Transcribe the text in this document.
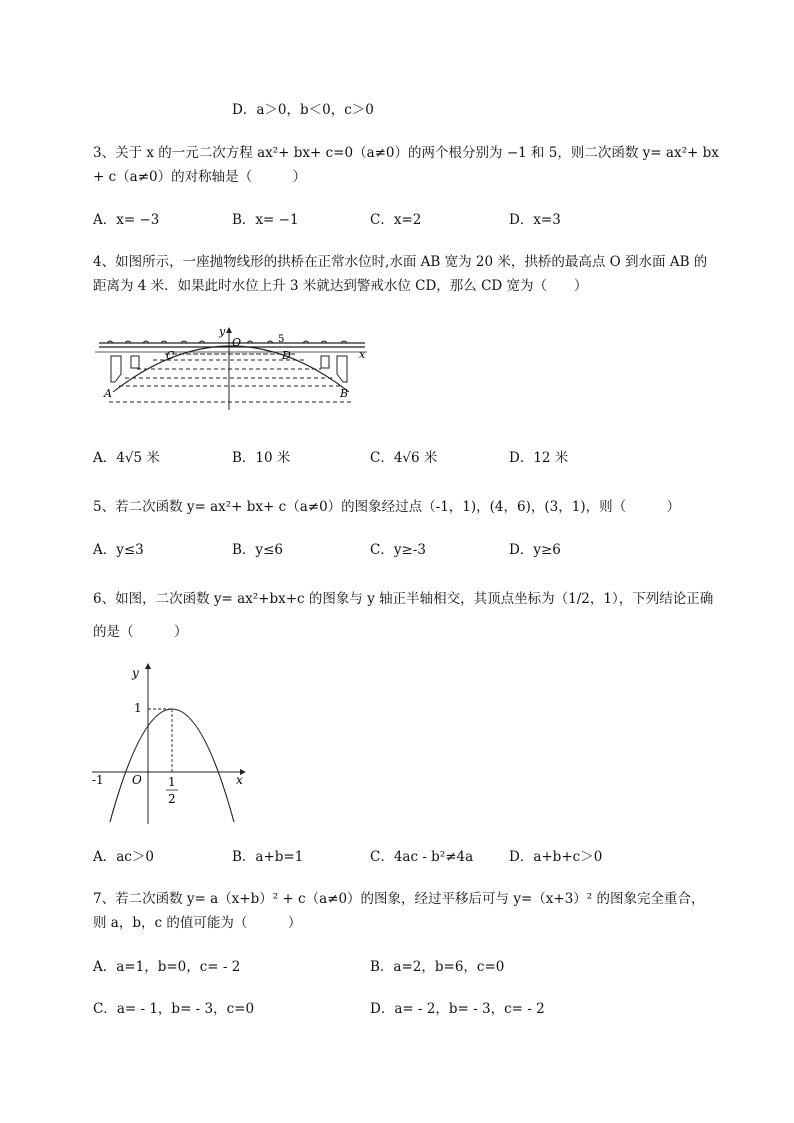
D．a＞0，b＜0，c＞0
3、关于 x 的一元二次方程 ax²+ bx+ c=0（a≠0）的两个根分别为 −1 和 5，则二次函数 y= ax²+ bx
+ c（a≠0）的对称轴是（　　　）
A．x= −3	B．x= −1	C．x=2	D．x=3
4、如图所示，一座抛物线形的拱桥在正常水位时,水面 AB 宽为 20 米，拱桥的最高点 O 到水面 AB 的
距离为 4 米．如果此时水位上升 3 米就达到警戒水位 CD，那么 CD 宽为（　　）
y
O	5
C	D	x
A	B
A．4√5 米	B．10 米	C．4√6 米	D．12 米
5、若二次函数 y= ax²+ bx+ c（a≠0）的图象经过点（-1，1)，(4，6)，(3，1)，则（　　　）
A．y≤3	B．y≤6	C．y≥-3	D．y≥6
6、如图，二次函数 y= ax²+bx+c 的图象与 y 轴正半轴相交，其顶点坐标为（1/2，1），下列结论正确
的是（　　　）
y
1
-1 O	x
1
2
A．ac＞0	B．a+b=1	C．4ac - b²≠4a	D．a+b+c＞0
7、若二次函数 y= a（x+b）² + c（a≠0）的图象，经过平移后可与 y=（x+3）² 的图象完全重合，
则 a，b，c 的值可能为（　　　）
A．a=1，b=0，c= - 2	B．a=2，b=6，c=0
C．a= - 1，b= - 3，c=0	D．a= - 2，b= - 3，c= - 2
